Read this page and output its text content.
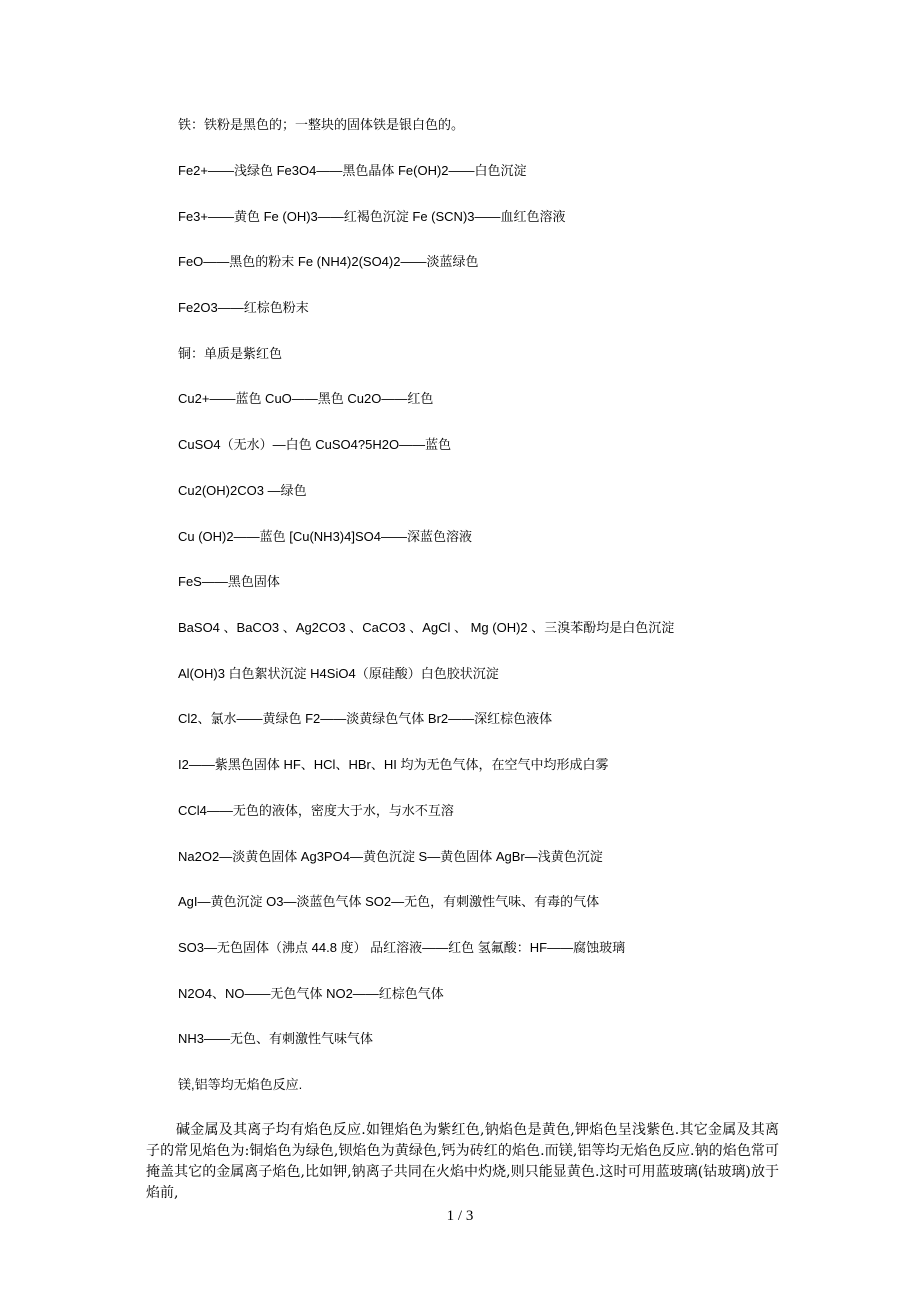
铁：铁粉是黑色的；一整块的固体铁是银白色的。
Fe2+——浅绿色 Fe3O4——黑色晶体 Fe(OH)2——白色沉淀
Fe3+——黄色 Fe (OH)3——红褐色沉淀 Fe (SCN)3——血红色溶液
FeO——黑色的粉末 Fe (NH4)2(SO4)2——淡蓝绿色
Fe2O3——红棕色粉末
铜：单质是紫红色
Cu2+——蓝色 CuO——黑色 Cu2O——红色
CuSO4（无水）—白色 CuSO4?5H2O——蓝色
Cu2(OH)2CO3 —绿色
Cu (OH)2——蓝色 [Cu(NH3)4]SO4——深蓝色溶液
FeS——黑色固体
BaSO4 、BaCO3 、Ag2CO3 、CaCO3 、AgCl 、 Mg (OH)2 、三溴苯酚均是白色沉淀
Al(OH)3 白色絮状沉淀 H4SiO4（原硅酸）白色胶状沉淀
Cl2、氯水——黄绿色 F2——淡黄绿色气体 Br2——深红棕色液体
I2——紫黑色固体 HF、HCl、HBr、HI 均为无色气体，在空气中均形成白雾
CCl4——无色的液体，密度大于水，与水不互溶
Na2O2—淡黄色固体 Ag3PO4—黄色沉淀 S—黄色固体 AgBr—浅黄色沉淀
AgI—黄色沉淀 O3—淡蓝色气体 SO2—无色，有刺激性气味、有毒的气体
SO3—无色固体（沸点 44.8 度） 品红溶液——红色 氢氟酸：HF——腐蚀玻璃
N2O4、NO——无色气体 NO2——红棕色气体
NH3——无色、有刺激性气味气体
镁,铝等均无焰色反应.

碱金属及其离子均有焰色反应.如锂焰色为紫红色,钠焰色是黄色,钾焰色呈浅紫色.其它金属及其离子的常见焰色为:铜焰色为绿色,钡焰色为黄绿色,钙为砖红的焰色.而镁,铝等均无焰色反应.钠的焰色常可掩盖其它的金属离子焰色,比如钾,钠离子共同在火焰中灼烧,则只能显黄色.这时可用蓝玻璃(钴玻璃)放于焰前,

1 / 3
